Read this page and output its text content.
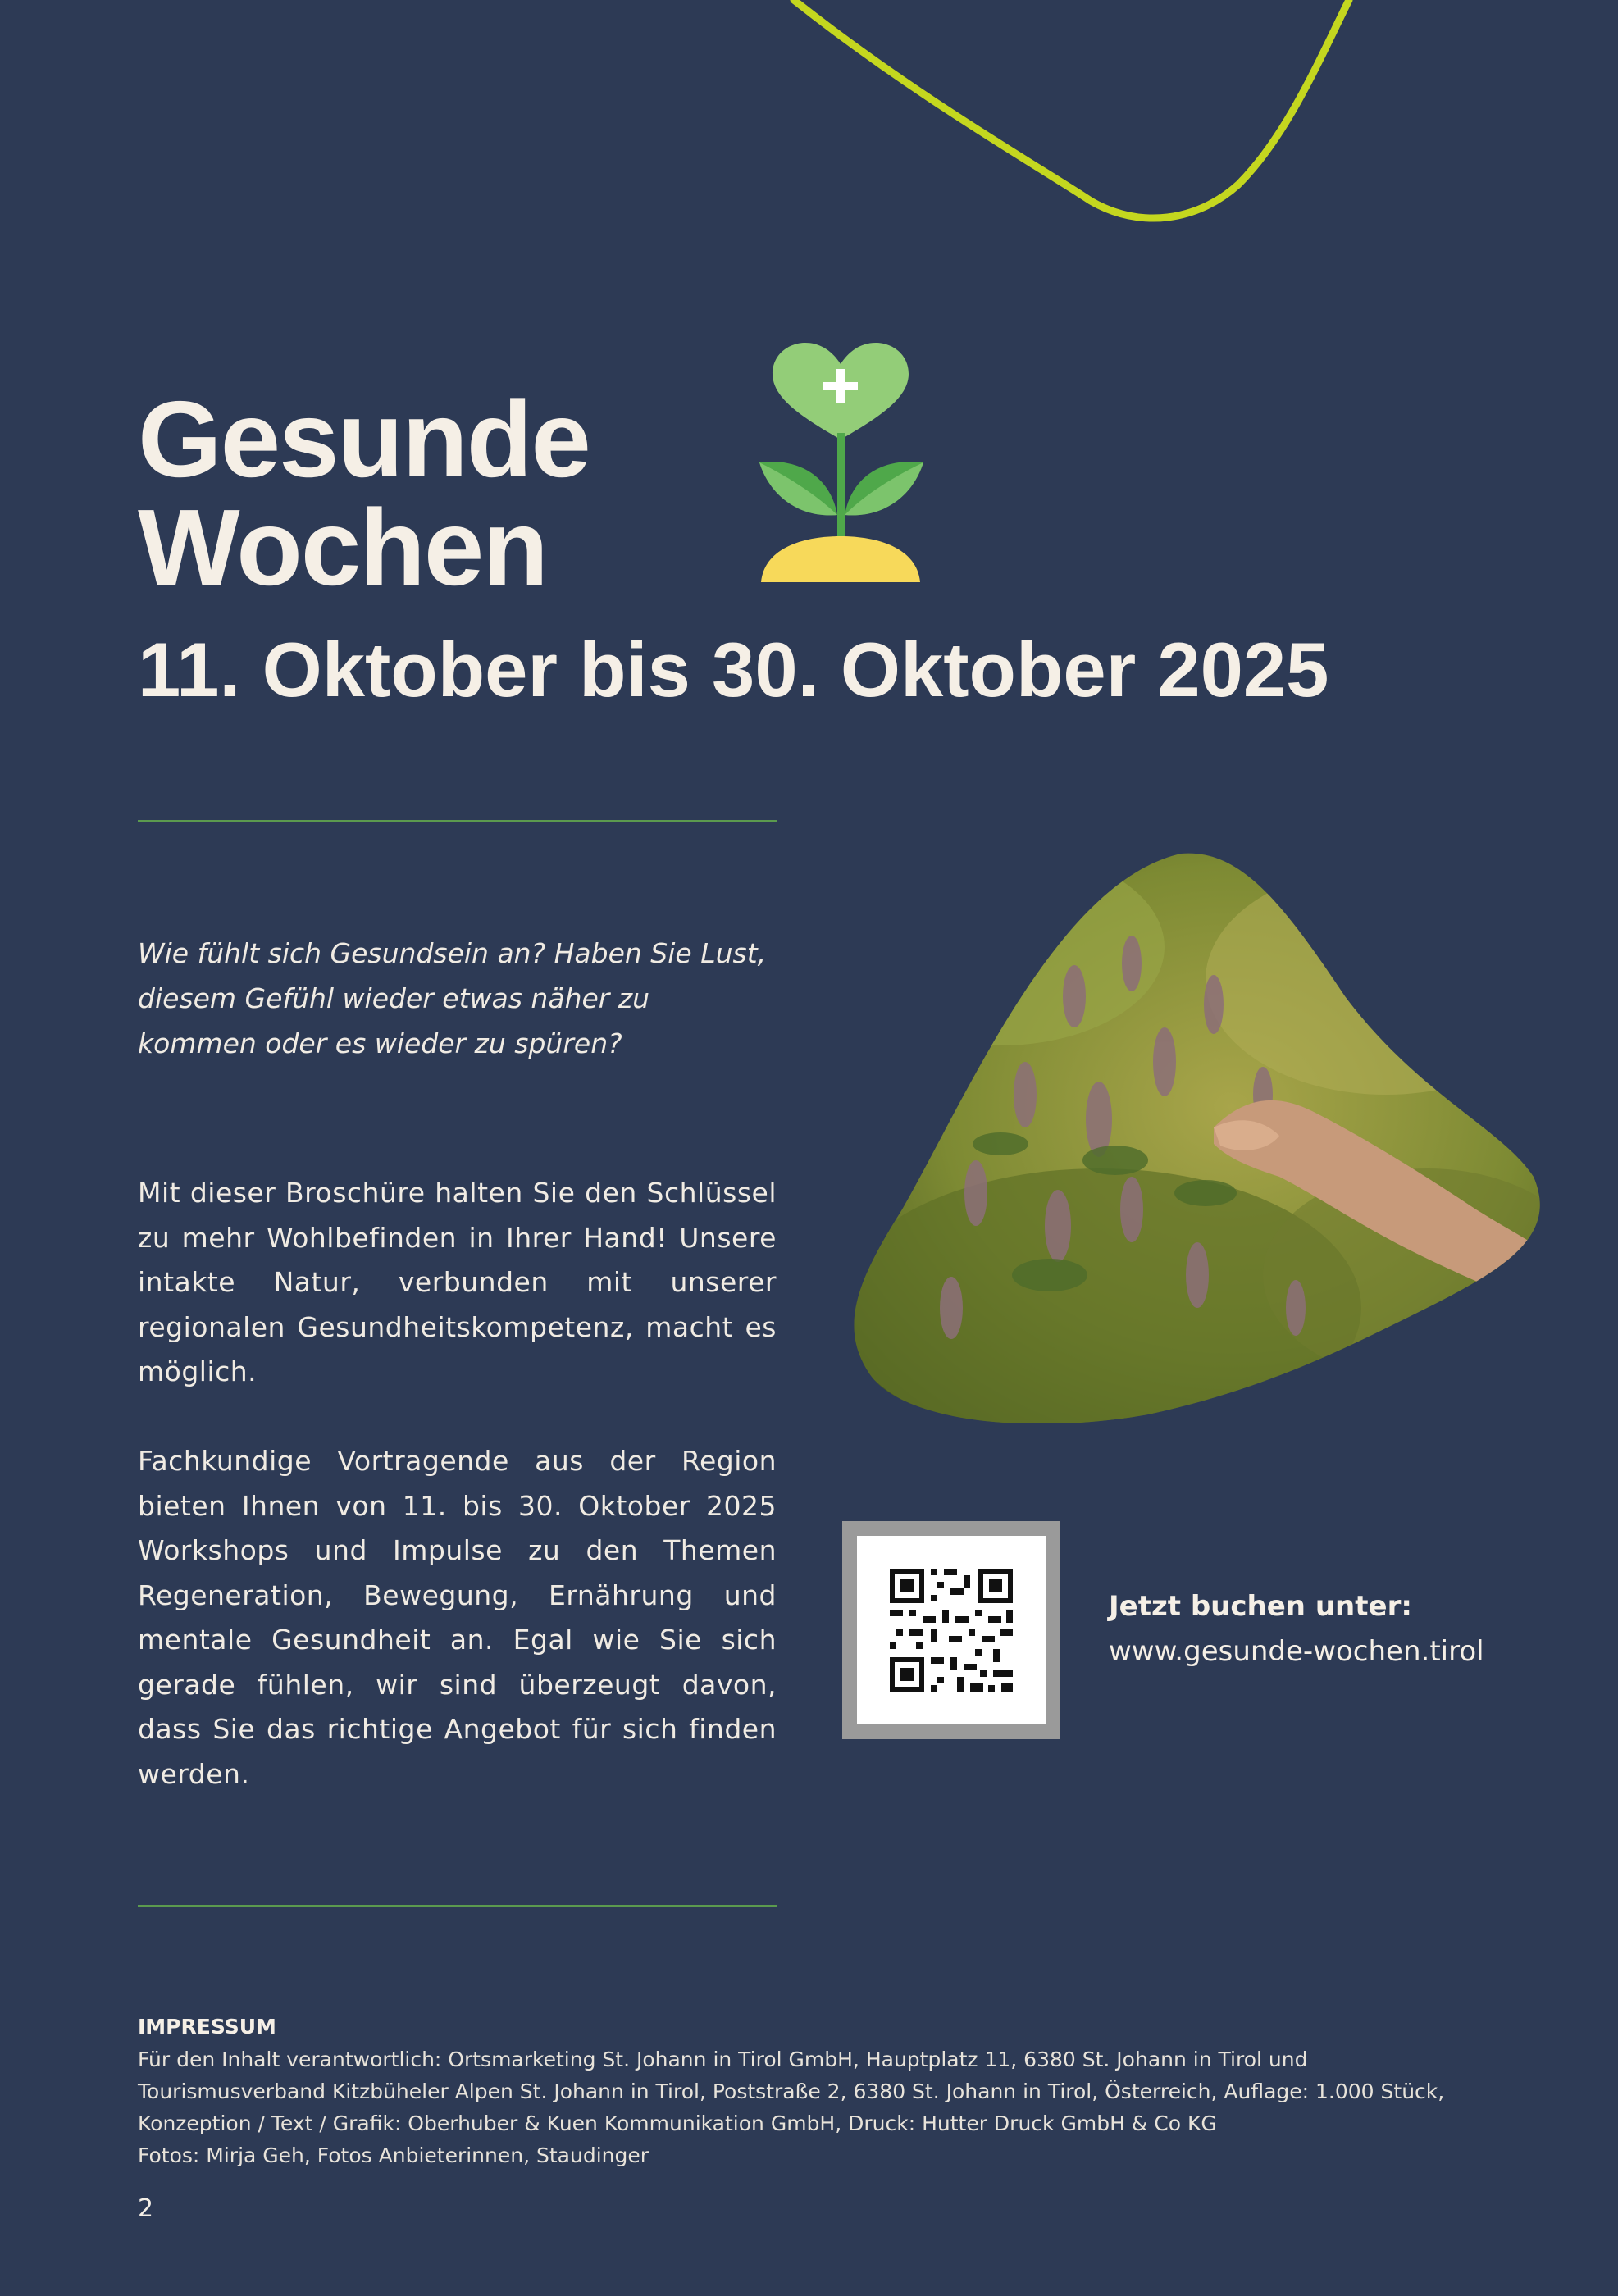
Gesunde
Wochen
11. Oktober bis 30. Oktober 2025
Wie fühlt sich Gesundsein an? Haben Sie Lust, diesem Gefühl wieder etwas näher zu kommen oder es wieder zu spüren?
Mit dieser Broschüre halten Sie den Schlüssel zu mehr Wohlbefinden in Ihrer Hand! Unsere intakte Natur, verbunden mit unserer regionalen Gesundheitskompetenz, macht es möglich.
Fachkundige Vortragende aus der Region bieten Ihnen von 11. bis 30. Oktober 2025 Workshops und Impulse zu den Themen Regeneration, Bewegung, Ernährung und mentale Gesundheit an. Egal wie Sie sich gerade fühlen, wir sind überzeugt davon, dass Sie das richtige Angebot für sich finden werden.
Jetzt buchen unter:
www.gesunde-wochen.tirol
IMPRESSUM
Für den Inhalt verantwortlich: Ortsmarketing St. Johann in Tirol GmbH, Hauptplatz 11, 6380 St. Johann in Tirol und
Tourismusverband Kitzbüheler Alpen St. Johann in Tirol, Poststraße 2, 6380 St. Johann in Tirol, Österreich, Auflage: 1.000 Stück,
Konzeption / Text / Grafik: Oberhuber & Kuen Kommunikation GmbH, Druck: Hutter Druck GmbH & Co KG
Fotos: Mirja Geh, Fotos Anbieterinnen, Staudinger
2
